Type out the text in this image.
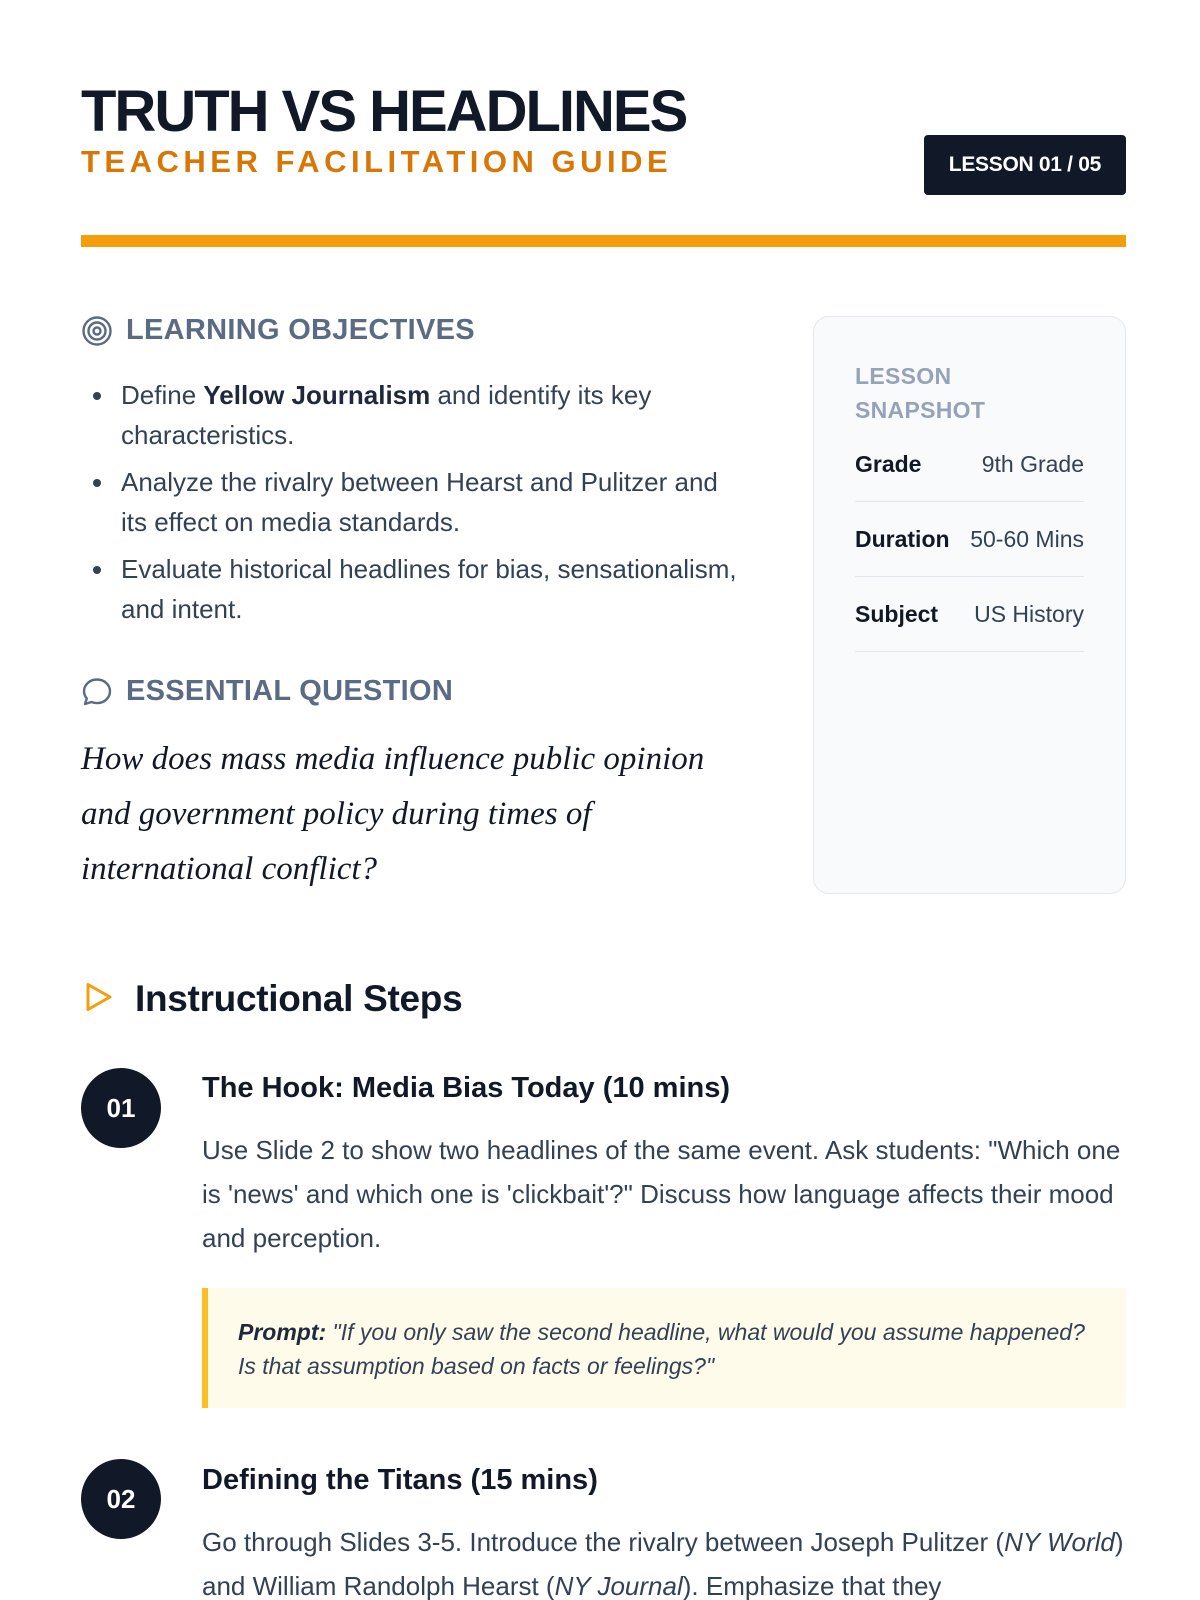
TRUTH VS HEADLINES
TEACHER FACILITATION GUIDE	LESSON 01 / 05
LEARNING OBJECTIVES
Define Yellow Journalism and identify its key characteristics.
Analyze the rivalry between Hearst and Pulitzer and its effect on media standards.
Evaluate historical headlines for bias, sensationalism, and intent.
ESSENTIAL QUESTION

How does mass media influence public opinion and government policy during times of international conflict?

LESSON SNAPSHOT
Grade	9th Grade
Duration 50-60 Mins
Subject US History
Instructional Steps
01
The Hook: Media Bias Today (10 mins)

Use Slide 2 to show two headlines of the same event. Ask students: "Which one is 'news' and which one is 'clickbait'?" Discuss how language affects their mood and perception.

Prompt: "If you only saw the second headline, what would you assume happened? Is that assumption based on facts or feelings?"
02
Defining the Titans (15 mins)

Go through Slides 3-5. Introduce the rivalry between Joseph Pulitzer (NY World) and William Randolph Hearst (NY Journal). Emphasize that they
